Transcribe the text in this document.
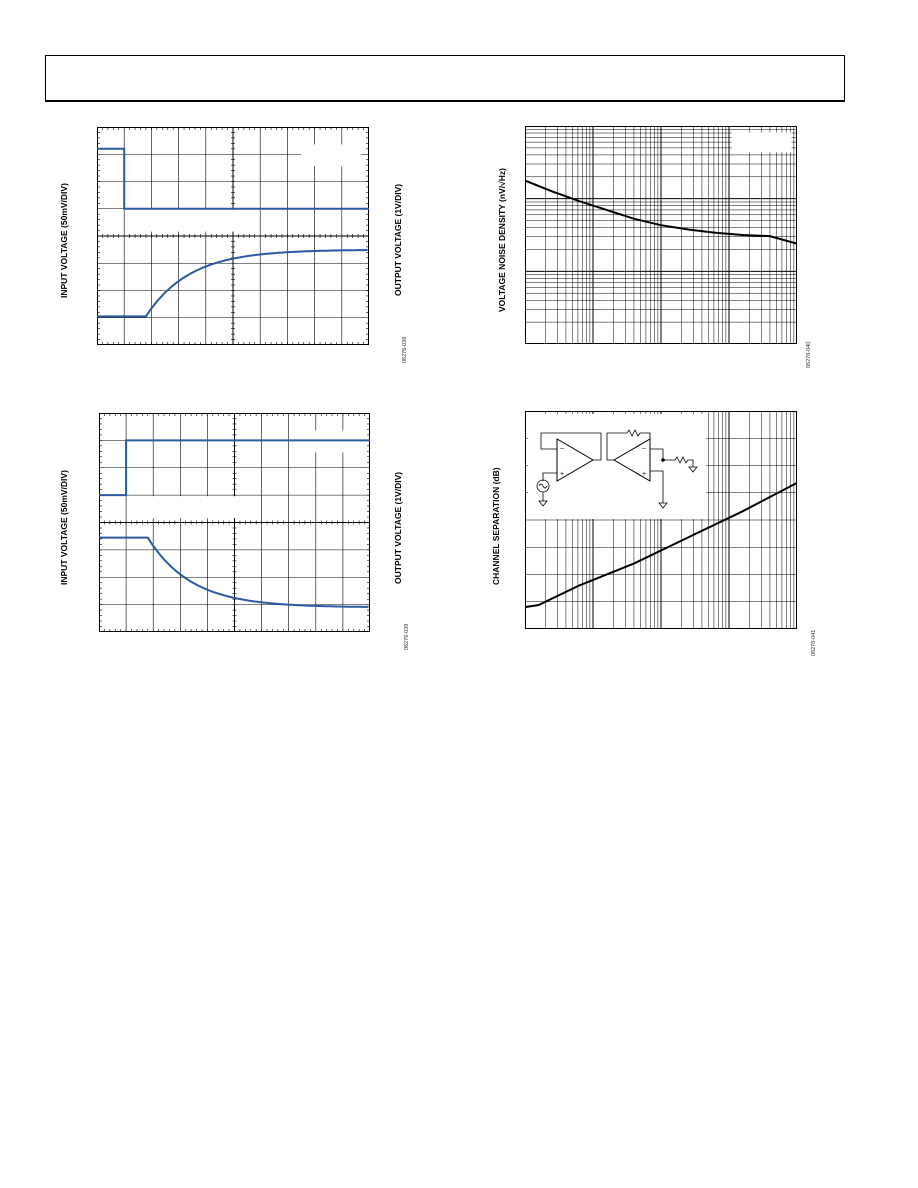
INPUT VOLTAGE (50mV/DIV)	OUTPUT VOLTAGE (1V/DIV)
06276-038
INPUT VOLTAGE (50mV/DIV)	OUTPUT VOLTAGE (1V/DIV)
06276-039
VOLTAGE NOISE DENSITY (nV/√Hz)
06276-040
CHANNEL SEPARATION (dB)
−
+
−
+
06276-041
